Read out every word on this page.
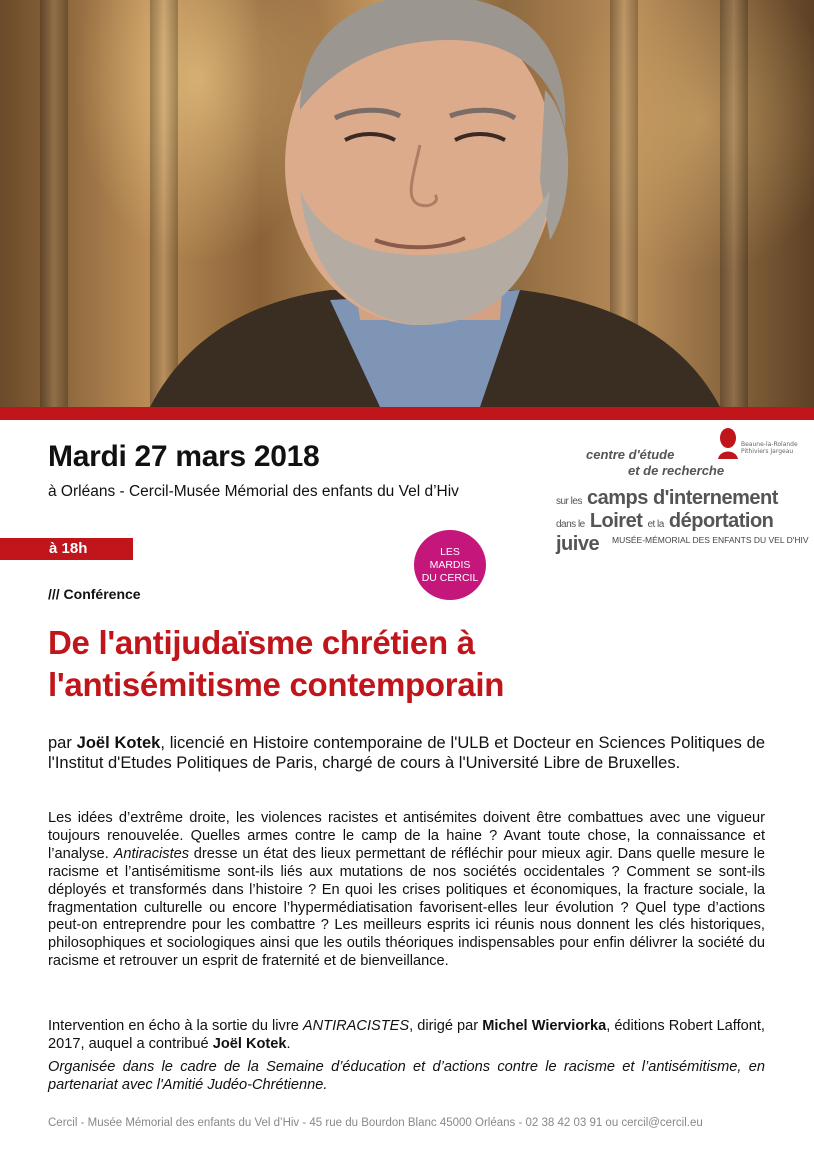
Mardi 27 mars 2018
à Orléans - Cercil-Musée Mémorial des enfants du Vel d’Hiv
à 18h	LES
MARDIS
DU CERCIL
centre d'étude
et de recherche
Beaune-la-Rolande Pithiviers Jargeau
sur les camps d'internement
dans le Loiret et la déportation juive	MUSÉE-MÉMORIAL DES ENFANTS DU VEL D'HIV
/// Conférence
De l'antijudaïsme chrétien à
l'antisémitisme contemporain
par Joël Kotek, licencié en Histoire contemporaine de l'ULB et Docteur en Sciences Politiques de l'Institut d'Etudes Politiques de Paris, chargé de cours à l'Université Libre de Bruxelles.
Les idées d’extrême droite, les violences racistes et antisémites doivent être combattues avec une vigueur toujours renouvelée. Quelles armes contre le camp de la haine ? Avant toute chose, la connaissance et l’analyse. Antiracistes dresse un état des lieux permettant de réfléchir pour mieux agir. Dans quelle mesure le racisme et l’antisémitisme sont-ils liés aux mutations de nos sociétés occidentales ? Comment se sont-ils déployés et transformés dans l’histoire ? En quoi les crises politiques et économiques, la fracture sociale, la fragmentation culturelle ou encore l’hypermédiatisation favorisent-elles leur évolution ? Quel type d’actions peut-on entreprendre pour les combattre ? Les meilleurs esprits ici réunis nous donnent les clés historiques, philosophiques et sociologiques ainsi que les outils théoriques indispensables pour enfin délivrer la société du racisme et retrouver un esprit de fraternité et de bienveillance.
Intervention en écho à la sortie du livre ANTIRACISTES, dirigé par Michel Wierviorka, éditions Robert Laffont, 2017, auquel a contribué Joël Kotek.
Organisée dans le cadre de la Semaine d’éducation et d’actions contre le racisme et l’antisémitisme, en partenariat avec l'Amitié Judéo-Chrétienne.
Cercil - Musée Mémorial des enfants du Vel d’Hiv - 45 rue du Bourdon Blanc 45000 Orléans - 02 38 42 03 91 ou cercil@cercil.eu
